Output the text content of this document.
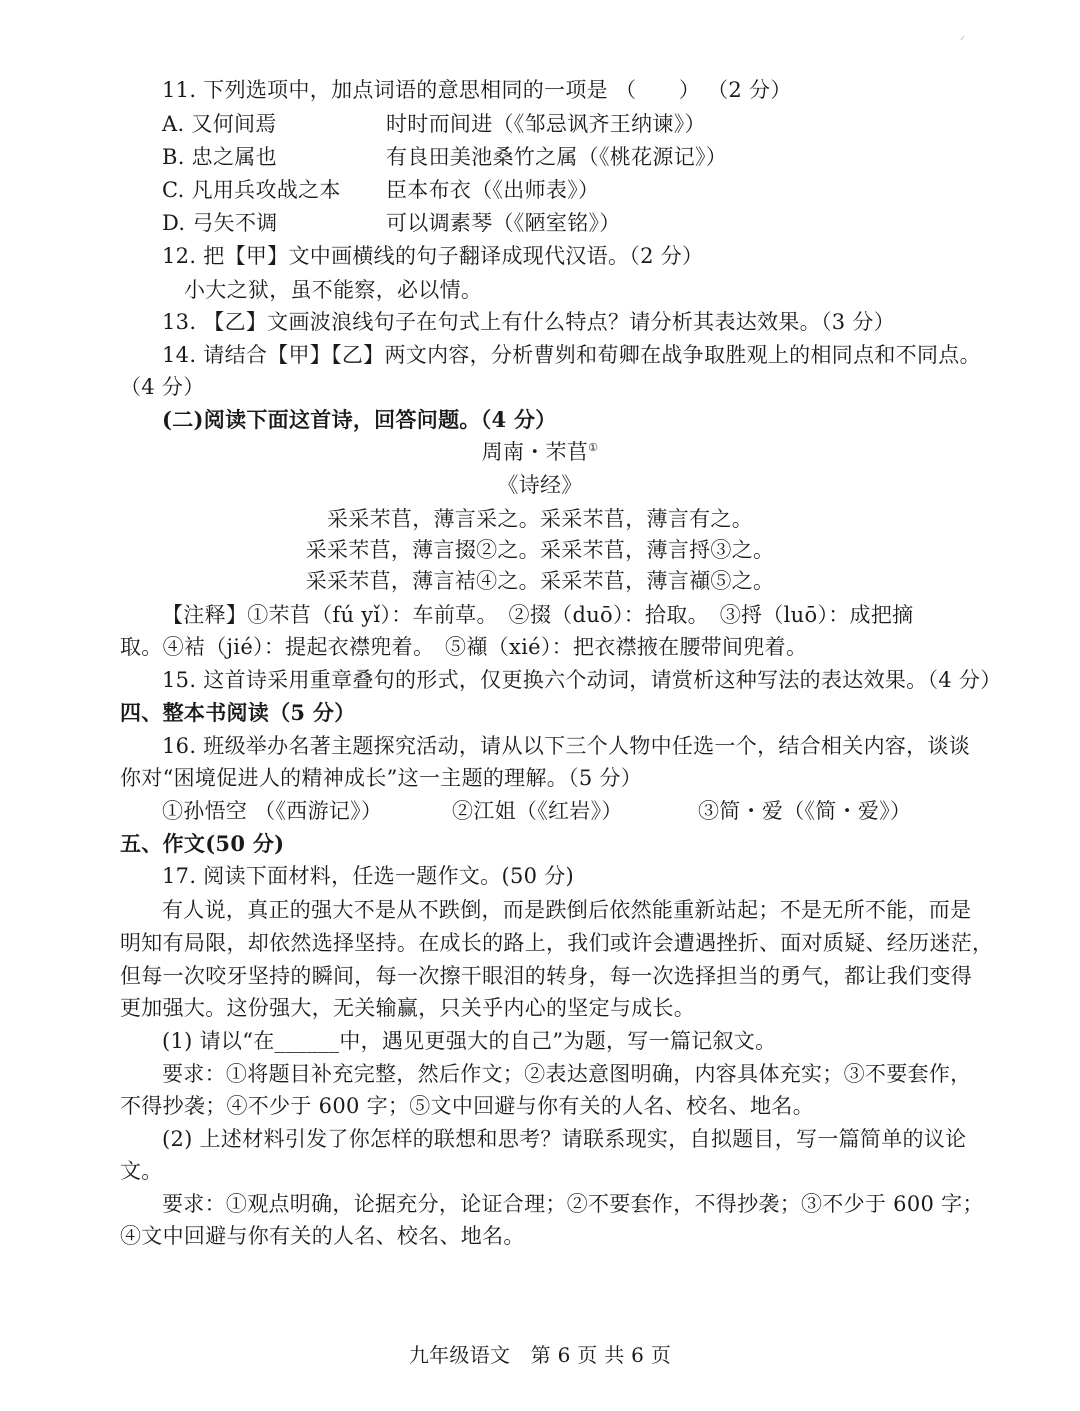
⸝
11. 下列选项中，加点词语的意思相同的一项是 （　　） （2 分）
A. 又何间焉	时时而间进（《邹忌讽齐王纳谏》）
B. 忠之属也	有良田美池桑竹之属（《桃花源记》）
C. 凡用兵攻战之本 臣本布衣（《出师表》）
D. 弓矢不调	可以调素琴（《陋室铭》）
12. 把【甲】文中画横线的句子翻译成现代汉语。（2 分）
小大之狱，虽不能察，必以情。
13. 【乙】文画波浪线句子在句式上有什么特点？请分析其表达效果。（3 分）
14. 请结合【甲】【乙】两文内容，分析曹刿和荀卿在战争取胜观上的相同点和不同点。
（4 分）
(二)阅读下面这首诗，回答问题。（4 分）
周南・芣苢①
《诗经》
采采芣苢，薄言采之。采采芣苢，薄言有之。
采采芣苢，薄言掇②之。采采芣苢，薄言捋③之。
采采芣苢，薄言袺④之。采采芣苢，薄言襭⑤之。
【注释】①芣苢（fú yǐ）：车前草。　②掇（duō）：拾取。　③捋（luō）：成把摘
取。④袺（jié）：提起衣襟兜着。　⑤襭（xié）：把衣襟掖在腰带间兜着。
15. 这首诗采用重章叠句的形式，仅更换六个动词，请赏析这种写法的表达效果。（4 分）
四、整本书阅读（5 分）
16. 班级举办名著主题探究活动，请从以下三个人物中任选一个，结合相关内容，谈谈
你对“困境促进人的精神成长”这一主题的理解。（5 分）
①孙悟空 （《西游记》）	②江姐（《红岩》）	③简・爱（《简・爱》）
五、作文(50 分)
17. 阅读下面材料，任选一题作文。(50 分)
有人说，真正的强大不是从不跌倒，而是跌倒后依然能重新站起；不是无所不能，而是
明知有局限，却依然选择坚持。在成长的路上，我们或许会遭遇挫折、面对质疑、经历迷茫，
但每一次咬牙坚持的瞬间，每一次擦干眼泪的转身，每一次选择担当的勇气，都让我们变得
更加强大。这份强大，无关输赢，只关乎内心的坚定与成长。
(1) 请以“在______中，遇见更强大的自己”为题，写一篇记叙文。
要求：①将题目补充完整，然后作文；②表达意图明确，内容具体充实；③不要套作，
不得抄袭；④不少于 600 字；⑤文中回避与你有关的人名、校名、地名。
(2) 上述材料引发了你怎样的联想和思考？请联系现实，自拟题目，写一篇简单的议论
文。
要求：①观点明确，论据充分，论证合理；②不要套作，不得抄袭；③不少于 600 字；
④文中回避与你有关的人名、校名、地名。
九年级语文　第 6 页 共 6 页
